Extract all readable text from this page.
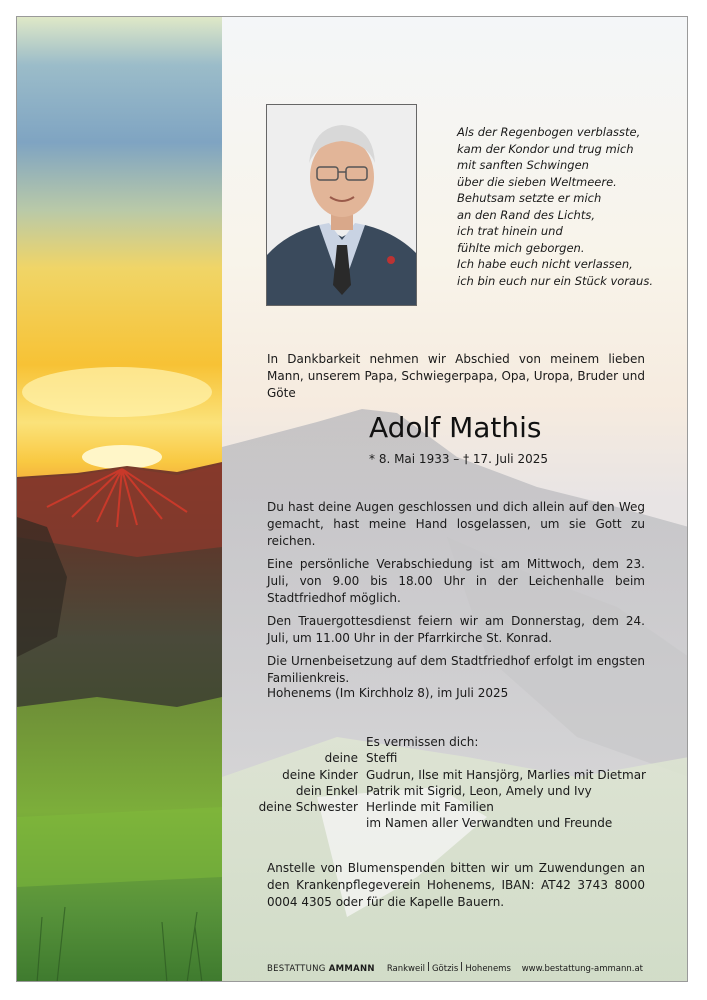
Als der Regenbogen verblasste,
kam der Kondor und trug mich
mit sanften Schwingen
über die sieben Weltmeere.
Behutsam setzte er mich
an den Rand des Lichts,
ich trat hinein und
fühlte mich geborgen.
Ich habe euch nicht verlassen,
ich bin euch nur ein Stück voraus.
In Dankbarkeit nehmen wir Abschied von meinem lieben Mann, unserem Papa, Schwiegerpapa, Opa, Uropa, Bruder und Göte
Adolf Mathis
* 8. Mai 1933 – † 17. Juli 2025

Du hast deine Augen geschlossen und dich allein auf den Weg gemacht, hast meine Hand losgelassen, um sie Gott zu reichen.

Eine persönliche Verabschiedung ist am Mittwoch, dem 23. Juli, von 9.00 bis 18.00 Uhr in der Leichenhalle beim Stadtfriedhof möglich.

Den Trauergottesdienst feiern wir am Donnerstag, dem 24. Juli, um 11.00 Uhr in der Pfarrkirche St. Konrad.

Die Urnenbeisetzung auf dem Stadtfriedhof erfolgt im engsten Familienkreis.

Hohenems (Im Kirchholz 8), im Juli 2025
Es vermissen dich:
deine Steffi
deine Kinder Gudrun, Ilse mit Hansjörg, Marlies mit Dietmar
dein Enkel Patrik mit Sigrid, Leon, Amely und Ivy
deine Schwester Herlinde mit Familien
im Namen aller Verwandten und Freunde
Anstelle von Blumenspenden bitten wir um Zuwendungen an den Krankenpflegeverein Hohenems, IBAN: AT42 3743 8000 0004 4305 oder für die Kapelle Bauern.
BESTATTUNG AMMANN Rankweil Götzis Hohenems www.bestattung-ammann.at
